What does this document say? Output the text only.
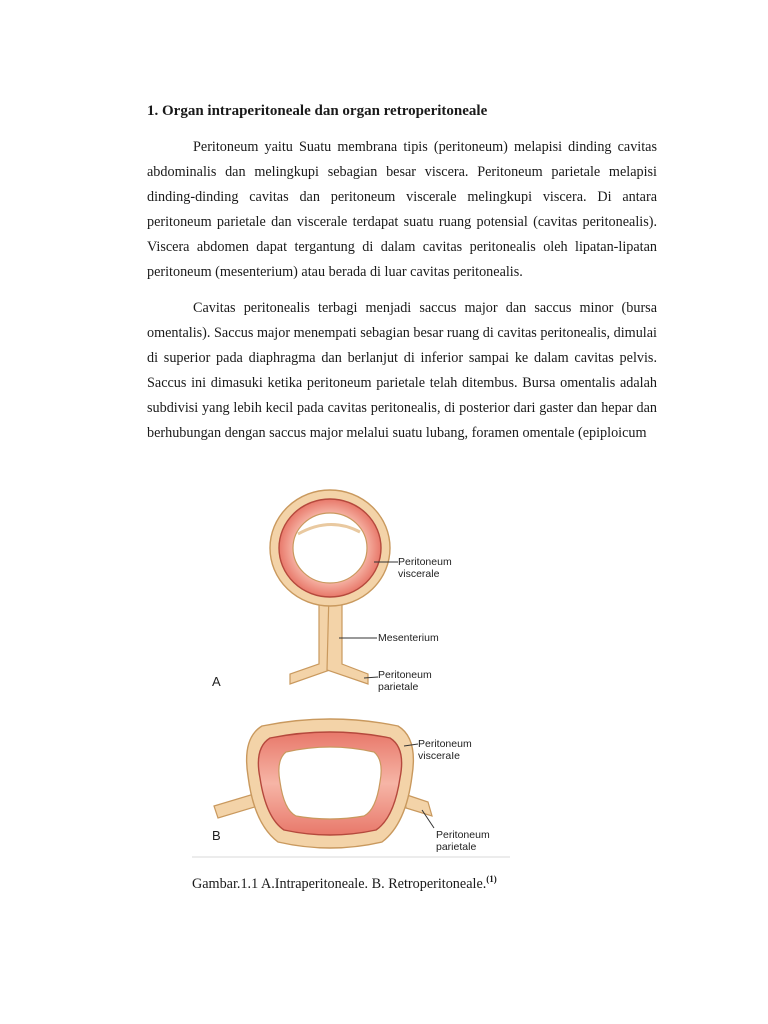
1. Organ intraperitoneale dan organ retroperitoneale

Peritoneum yaitu Suatu membrana tipis (peritoneum) melapisi dinding cavitas abdominalis dan melingkupi sebagian besar viscera. Peritoneum parietale melapisi dinding-dinding cavitas dan peritoneum viscerale melingkupi viscera. Di antara peritoneum parietale dan viscerale terdapat suatu ruang potensial (cavitas peritonealis). Viscera abdomen dapat tergantung di dalam cavitas peritonealis oleh lipatan-lipatan peritoneum (mesenterium) atau berada di luar cavitas peritonealis.

Cavitas peritonealis terbagi menjadi saccus major dan saccus minor (bursa omentalis). Saccus major menempati sebagian besar ruang di cavitas peritonealis, dimulai di superior pada diaphragma dan berlanjut di inferior sampai ke dalam cavitas pelvis. Saccus ini dimasuki ketika peritoneum parietale telah ditembus. Bursa omentalis adalah subdivisi yang lebih kecil pada cavitas peritonealis, di posterior dari gaster dan hepar dan berhubungan dengan saccus major melalui suatu lubang, foramen omentale (epiploicum

Peritoneum
viscerale
Mesenterium
Peritoneum
parietale
A
Peritoneum
visceraIe
Peritoneum
parietale
B
Gambar.1.1 A.Intraperitoneale. B. Retroperitoneale.$^{(1)}$
